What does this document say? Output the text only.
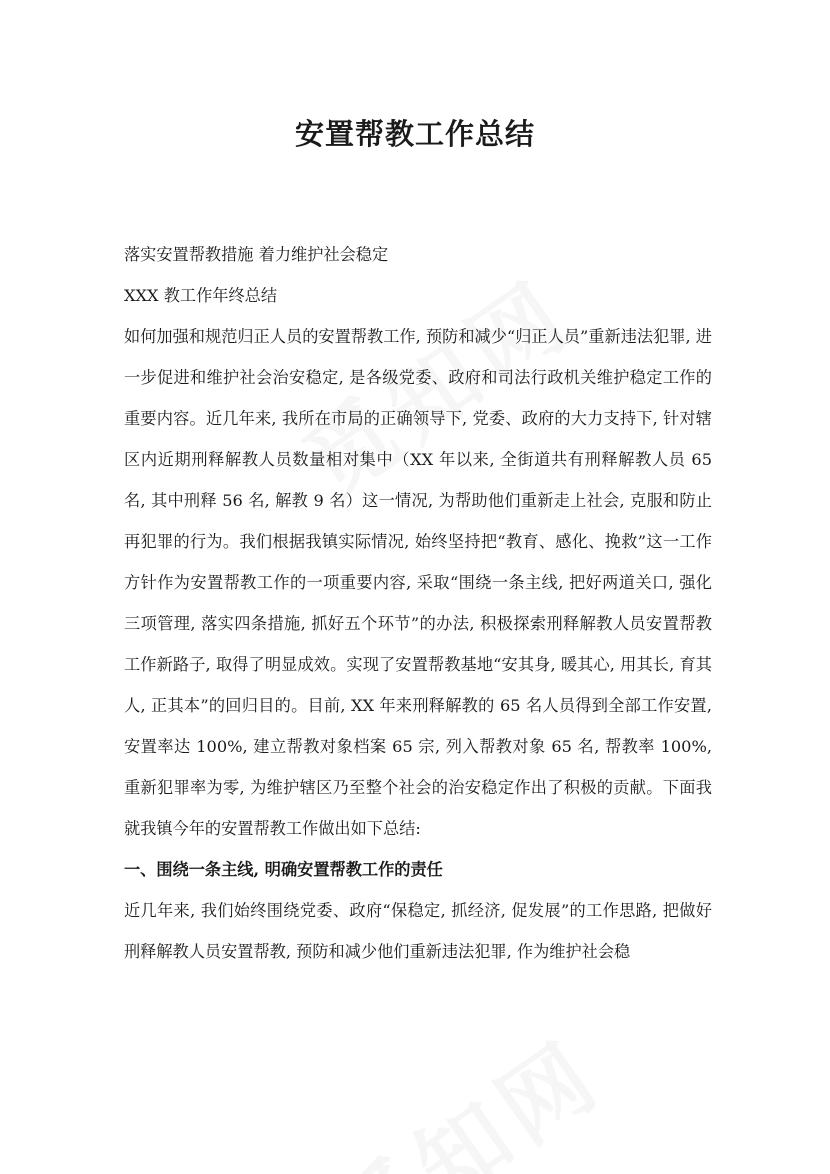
安置帮教工作总结

落实安置帮教措施 着力维护社会稳定

XXX 教工作年终总结

如何加强和规范归正人员的安置帮教工作, 预防和减少“归正人员”重新违法犯罪, 进一步促进和维护社会治安稳定, 是各级党委、政府和司法行政机关维护稳定工作的重要内容。近几年来, 我所在市局的正确领导下, 党委、政府的大力支持下, 针对辖区内近期刑释解教人员数量相对集中（XX 年以来, 全街道共有刑释解教人员 65 名, 其中刑释 56 名, 解教 9 名）这一情况, 为帮助他们重新走上社会, 克服和防止再犯罪的行为。我们根据我镇实际情况, 始终坚持把“教育、感化、挽救”这一工作方针作为安置帮教工作的一项重要内容, 采取“围绕一条主线, 把好两道关口, 强化三项管理, 落实四条措施, 抓好五个环节”的办法, 积极探索刑释解教人员安置帮教工作新路子, 取得了明显成效。实现了安置帮教基地“安其身, 暖其心, 用其长, 育其人, 正其本”的回归目的。目前, XX 年来刑释解教的 65 名人员得到全部工作安置, 安置率达 100%, 建立帮教对象档案 65 宗, 列入帮教对象 65 名, 帮教率 100%, 重新犯罪率为零, 为维护辖区乃至整个社会的治安稳定作出了积极的贡献。下面我就我镇今年的安置帮教工作做出如下总结:

一、围绕一条主线, 明确安置帮教工作的责任

近几年来, 我们始终围绕党委、政府“保稳定, 抓经济, 促发展”的工作思路, 把做好刑释解教人员安置帮教, 预防和减少他们重新违法犯罪, 作为维护社会稳
